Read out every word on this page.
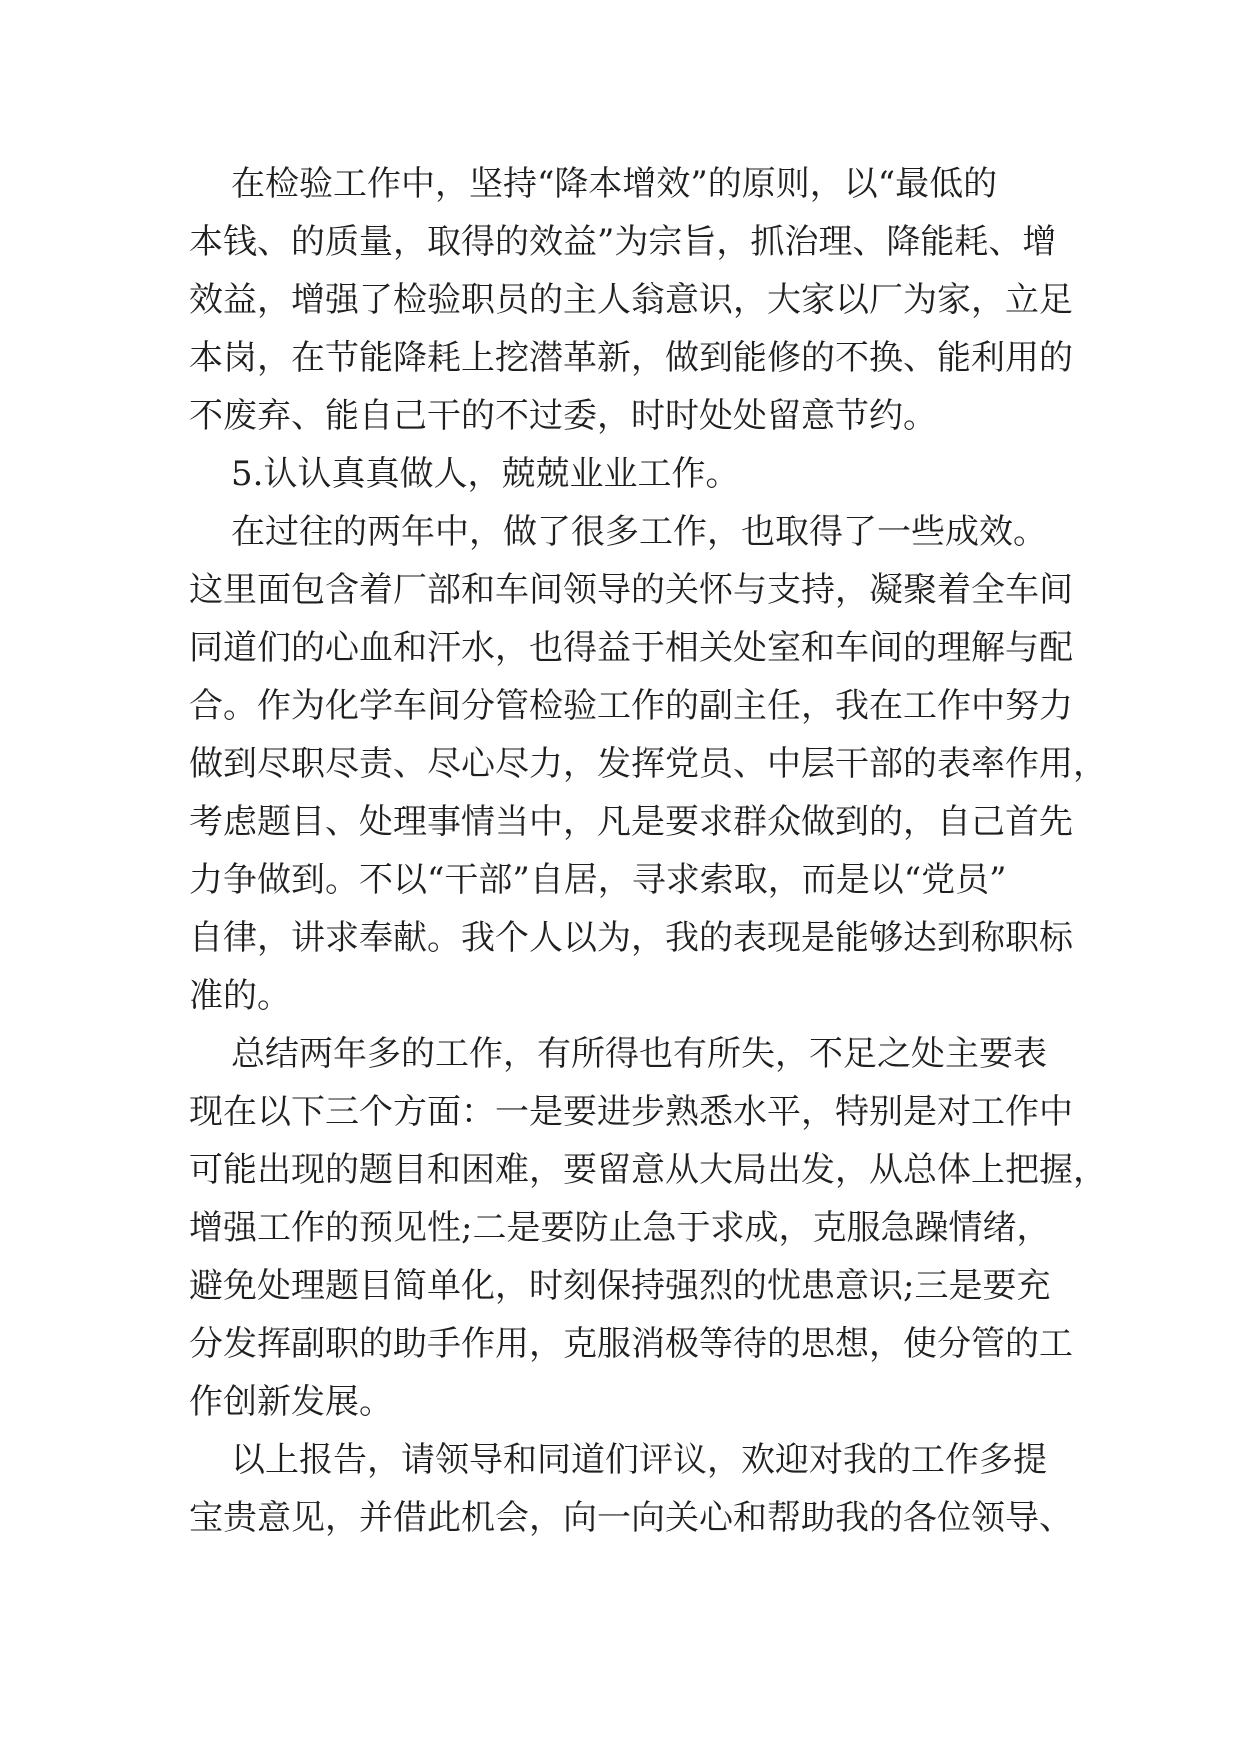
在检验工作中，坚持“降本增效”的原则，以“最低的
本钱、的质量，取得的效益”为宗旨，抓治理、降能耗、增
效益，增强了检验职员的主人翁意识，大家以厂为家，立足
本岗，在节能降耗上挖潜革新，做到能修的不换、能利用的
不废弃、能自己干的不过委，时时处处留意节约。
5.认认真真做人，兢兢业业工作。
在过往的两年中，做了很多工作，也取得了一些成效。
这里面包含着厂部和车间领导的关怀与支持，凝聚着全车间
同道们的心血和汗水，也得益于相关处室和车间的理解与配
合。作为化学车间分管检验工作的副主任，我在工作中努力
做到尽职尽责、尽心尽力，发挥党员、中层干部的表率作用，
考虑题目、处理事情当中，凡是要求群众做到的，自己首先
力争做到。不以“干部”自居，寻求索取，而是以“党员”
自律，讲求奉献。我个人以为，我的表现是能够达到称职标
准的。
总结两年多的工作，有所得也有所失，不足之处主要表
现在以下三个方面：一是要进步熟悉水平，特别是对工作中
可能出现的题目和困难，要留意从大局出发，从总体上把握，
增强工作的预见性;二是要防止急于求成，克服急躁情绪，
避免处理题目简单化，时刻保持强烈的忧患意识;三是要充
分发挥副职的助手作用，克服消极等待的思想，使分管的工
作创新发展。
以上报告，请领导和同道们评议，欢迎对我的工作多提
宝贵意见，并借此机会，向一向关心和帮助我的各位领导、
